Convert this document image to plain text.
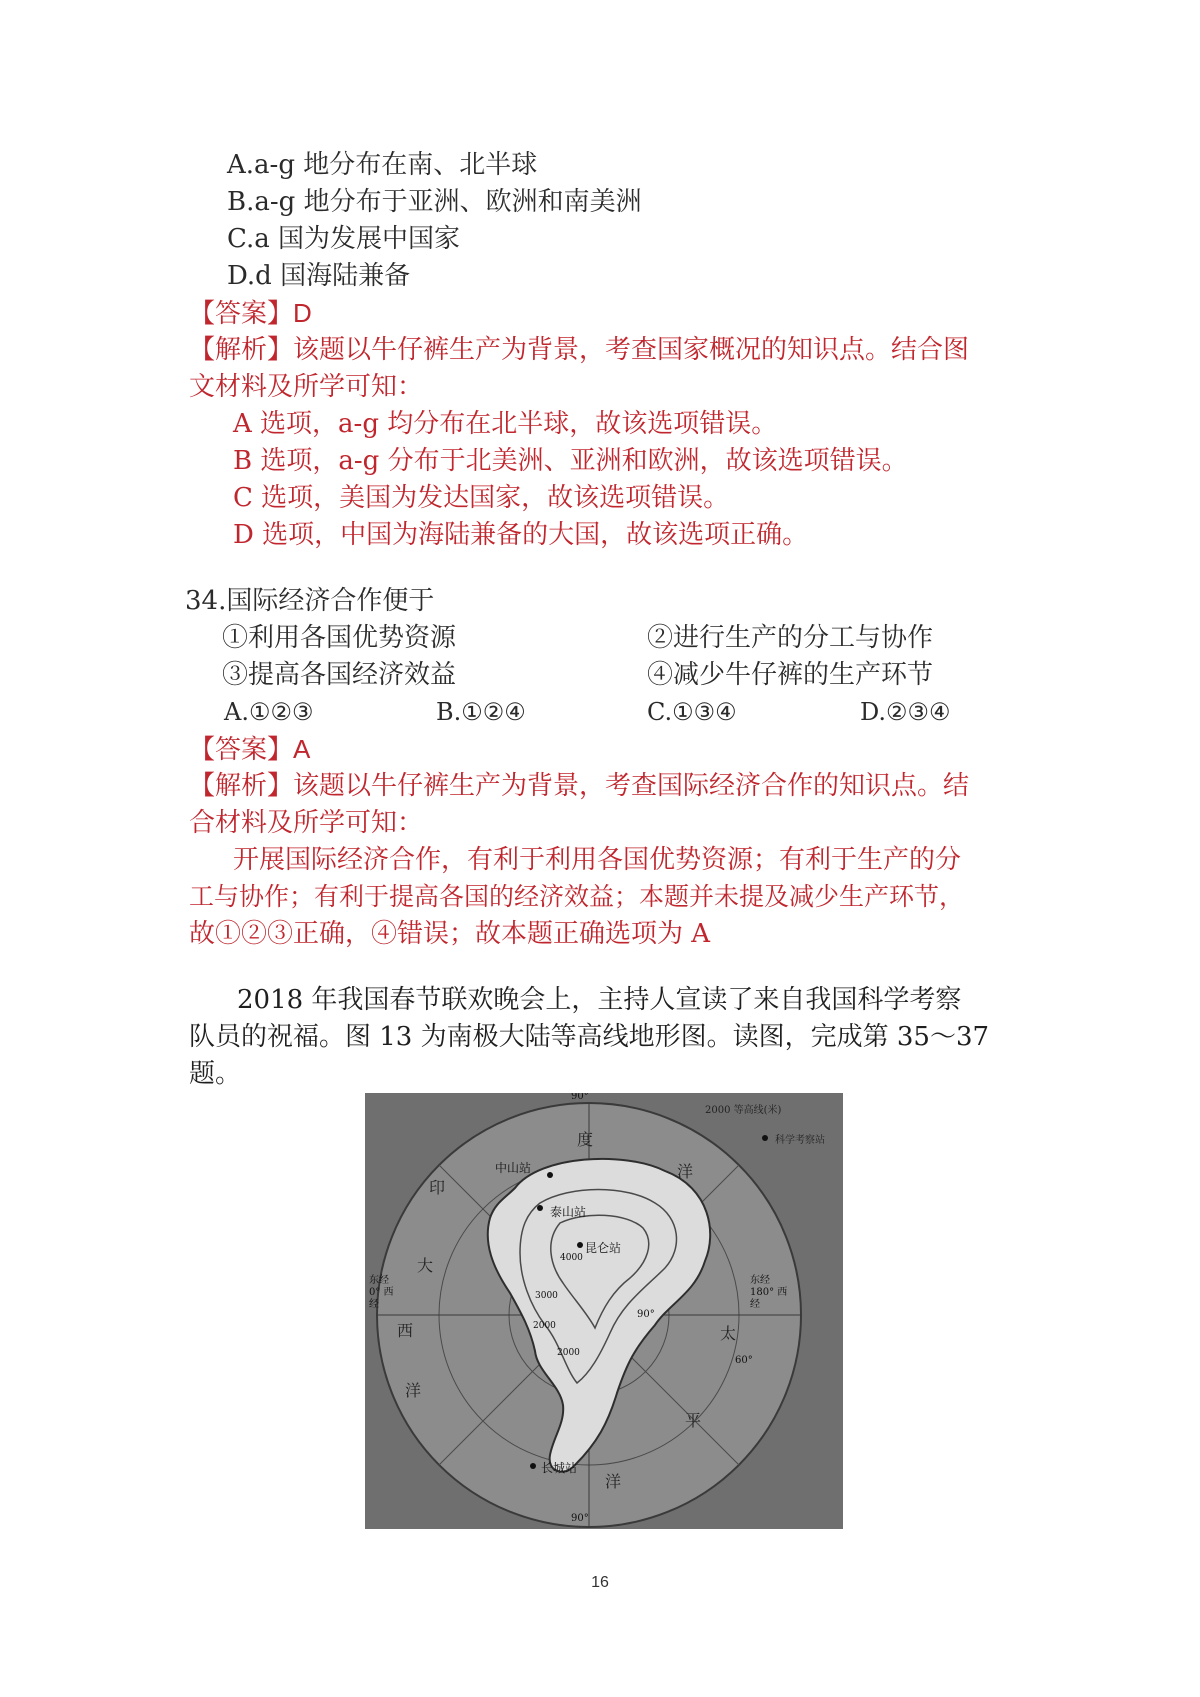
A.a-g 地分布在南、北半球
B.a-g 地分布于亚洲、欧洲和南美洲
C.a 国为发展中国家
D.d 国海陆兼备
【答案】D
【解析】该题以牛仔裤生产为背景，考查国家概况的知识点。结合图
文材料及所学可知：
A 选项，a-g 均分布在北半球，故该选项错误。
B 选项，a-g 分布于北美洲、亚洲和欧洲，故该选项错误。
C 选项，美国为发达国家，故该选项错误。
D 选项，中国为海陆兼备的大国，故该选项正确。
34.国际经济合作便于
①利用各国优势资源	②进行生产的分工与协作
③提高各国经济效益	④减少牛仔裤的生产环节
A.①②③	B.①②④	C.①③④	D.②③④
【答案】A
【解析】该题以牛仔裤生产为背景，考查国际经济合作的知识点。结
合材料及所学可知：
开展国际经济合作，有利于利用各国优势资源；有利于生产的分
工与协作；有利于提高各国的经济效益；本题并未提及减少生产环节，
故①②③正确，④错误；故本题正确选项为 A
2018 年我国春节联欢晚会上，主持人宣读了来自我国科学考察
队员的祝福。图 13 为南极大陆等高线地形图。读图，完成第 35～37
题。
2000 等高线(米)
科学考察站
中山站
泰山站
昆仑站
长城站
度
洋
印
大
西
洋
太
平
洋
90°
90°
东经 180° 西经
东经 0° 西经
90°
60°
4000
3000
2000
2000
16
